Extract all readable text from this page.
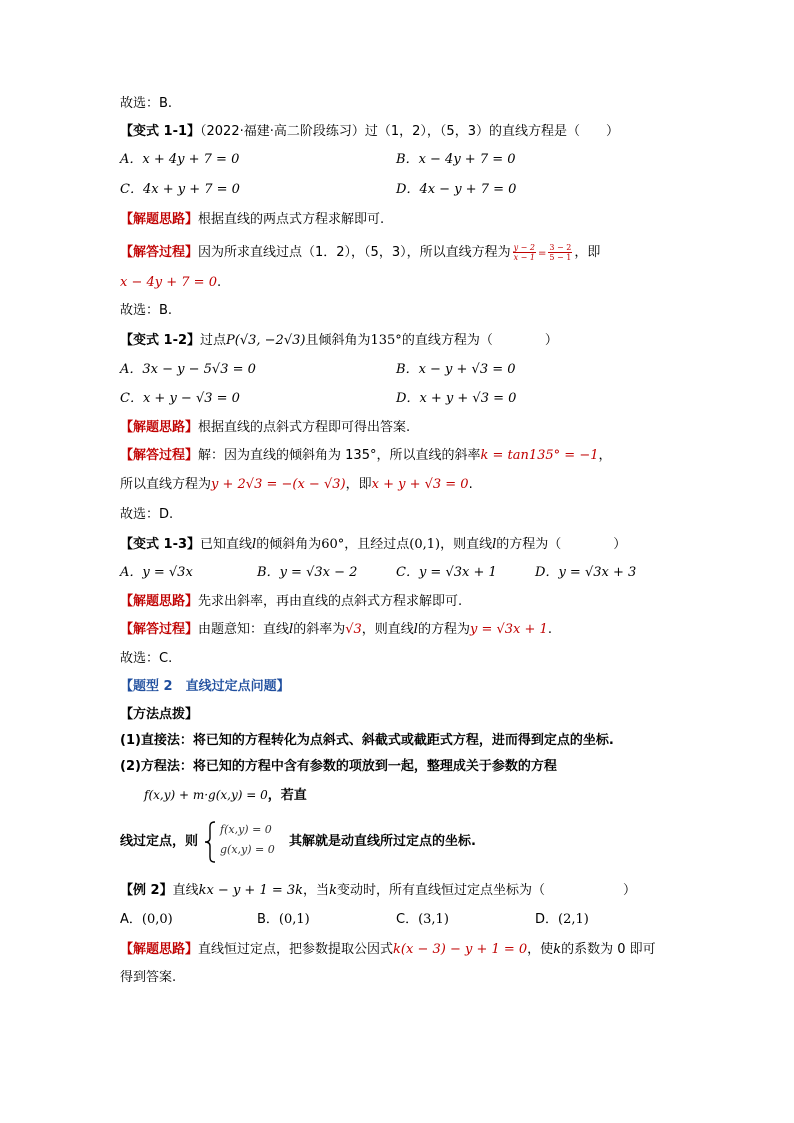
故选：B.
【变式 1-1】（2022·福建·高二阶段练习）过（1，2），（5，3）的直线方程是（　　）
A．x + 4y + 7 = 0	B．x − 4y + 7 = 0
C．4x + y + 7 = 0	D．4x − y + 7 = 0
【解题思路】根据直线的两点式方程求解即可.
【解答过程】因为所求直线过点（1．2），（5，3），所以直线方程为 $\frac{y - 2}{x - 1} = \frac{3 - 2}{5 - 1}$ ，即
x − 4y + 7 = 0.
故选：B.
【变式 1-2】过点P(√3, −2√3)且倾斜角为135°的直线方程为（　　　　）
A．3x − y − 5√3 = 0	B．x − y + √3 = 0
C．x + y − √3 = 0	D．x + y + √3 = 0
【解题思路】根据直线的点斜式方程即可得出答案.
【解答过程】解：因为直线的倾斜角为 135°，所以直线的斜率k = tan135° = −1，
所以直线方程为y + 2√3 = −(x − √3)，即x + y + √3 = 0.
故选：D.
【变式 1-3】已知直线l的倾斜角为60°，且经过点(0,1)，则直线l的方程为（　　　　）
A．y = √3x	B．y = √3x − 2	C．y = √3x + 1	D．y = √3x + 3
【解题思路】先求出斜率，再由直线的点斜式方程求解即可.
【解答过程】由题意知：直线l的斜率为√3，则直线l的方程为y = √3x + 1.
故选：C.
【题型 2　直线过定点问题】
【方法点拨】
(1)直接法：将已知的方程转化为点斜式、斜截式或截距式方程，进而得到定点的坐标.
(2)方程法：将已知的方程中含有参数的项放到一起，整理成关于参数的方程
f(x,y) + m·g(x,y) = 0，若直
线过定点，则
f(x,y) = 0
g(x,y) = 0
其解就是动直线所过定点的坐标.
【例 2】直线kx − y + 1 = 3k，当k变动时，所有直线恒过定点坐标为（　　　　　　）
A．(0,0)	B．(0,1)	C．(3,1)	D．(2,1)
【解题思路】直线恒过定点，把参数提取公因式k(x − 3) − y + 1 = 0，使k的系数为 0 即可
得到答案.
